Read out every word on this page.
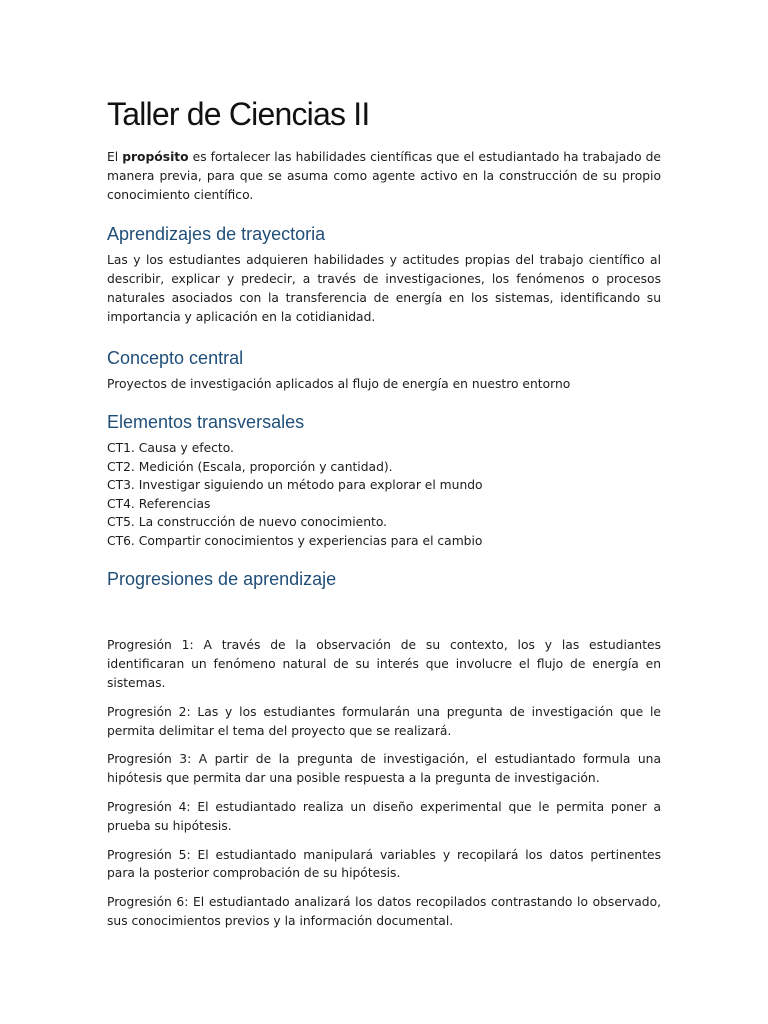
Taller de Ciencias II

El propósito es fortalecer las habilidades científicas que el estudiantado ha trabajado de manera previa, para que se asuma como agente activo en la construcción de su propio conocimiento científico.

Aprendizajes de trayectoria

Las y los estudiantes adquieren habilidades y actitudes propias del trabajo científico al describir, explicar y predecir, a través de investigaciones, los fenómenos o procesos naturales asociados con la transferencia de energía en los sistemas, identificando su importancia y aplicación en la cotidianidad.

Concepto central

Proyectos de investigación aplicados al flujo de energía en nuestro entorno

Elementos transversales
CT1. Causa y efecto.
CT2. Medición (Escala, proporción y cantidad).
CT3. Investigar siguiendo un método para explorar el mundo
CT4. Referencias
CT5. La construcción de nuevo conocimiento.
CT6. Compartir conocimientos y experiencias para el cambio
Progresiones de aprendizaje

Progresión 1: A través de la observación de su contexto, los y las estudiantes identificaran un fenómeno natural de su interés que involucre el flujo de energía en sistemas.

Progresión 2: Las y los estudiantes formularán una pregunta de investigación que le permita delimitar el tema del proyecto que se realizará.

Progresión 3: A partir de la pregunta de investigación, el estudiantado formula una hipótesis que permita dar una posible respuesta a la pregunta de investigación.

Progresión 4: El estudiantado realiza un diseño experimental que le permita poner a prueba su hipótesis.

Progresión 5: El estudiantado manipulará variables y recopilará los datos pertinentes para la posterior comprobación de su hipótesis.

Progresión 6: El estudiantado analizará los datos recopilados contrastando lo observado, sus conocimientos previos y la información documental.
